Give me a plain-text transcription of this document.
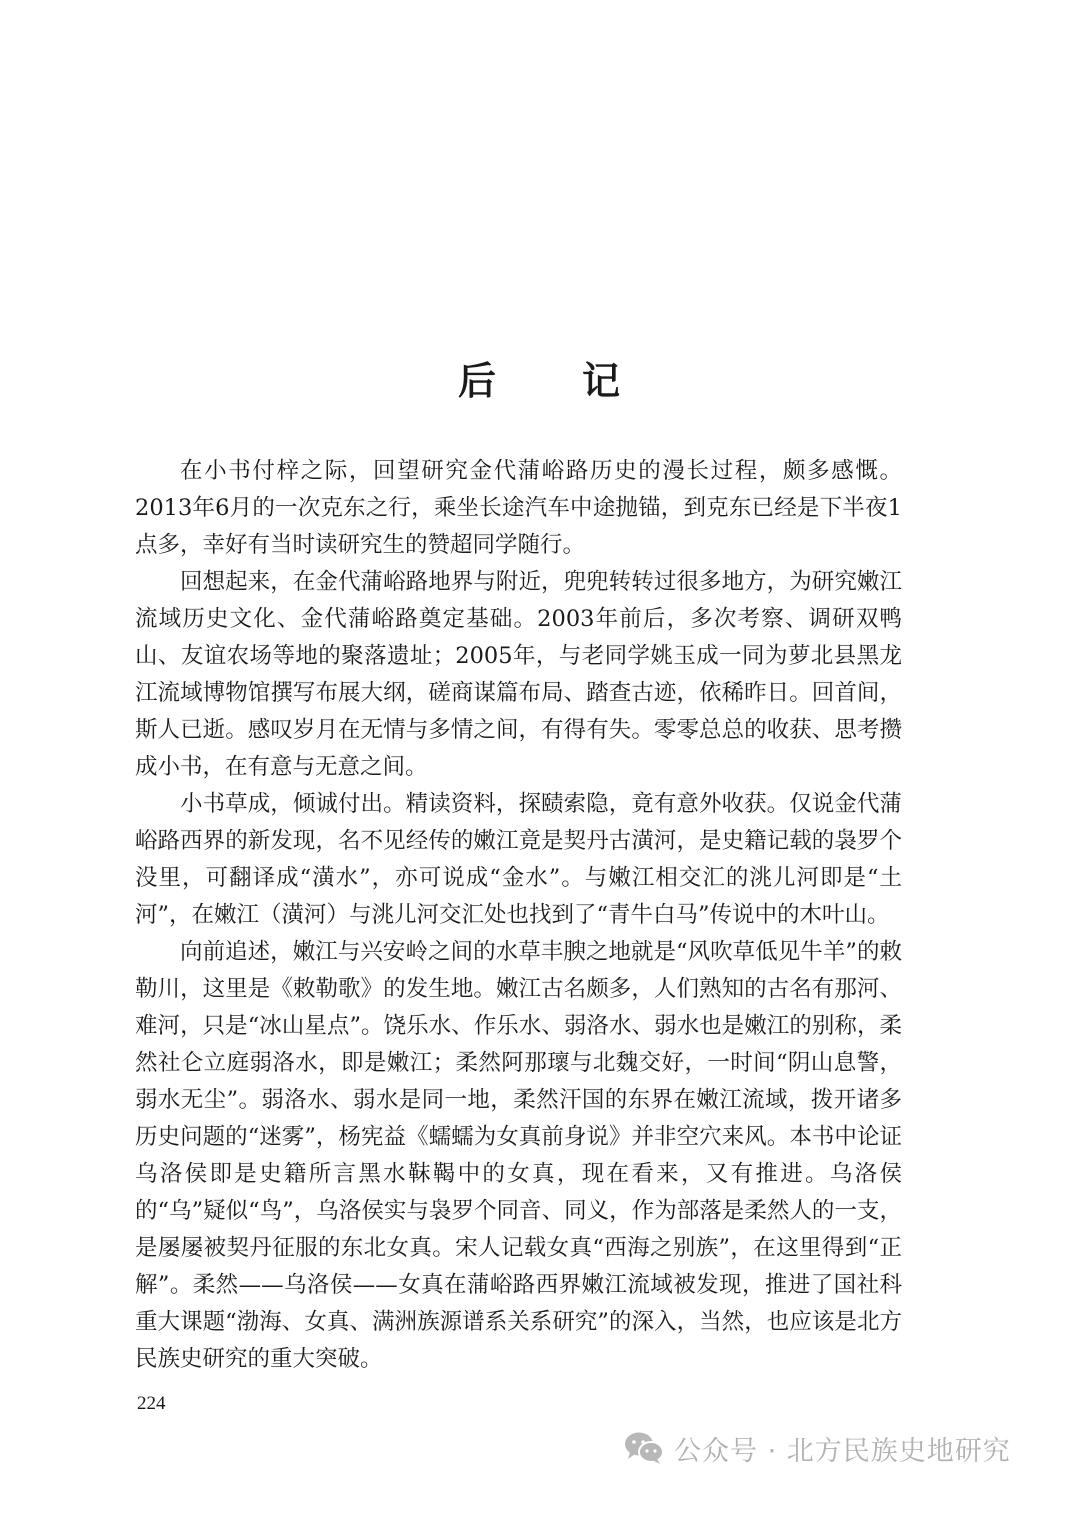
后 记

在小书付梓之际，回望研究金代蒲峪路历史的漫长过程，颇多感慨。2013年6月的一次克东之行，乘坐长途汽车中途抛锚，到克东已经是下半夜1点多，幸好有当时读研究生的赞超同学随行。

回想起来，在金代蒲峪路地界与附近，兜兜转转过很多地方，为研究嫩江流域历史文化、金代蒲峪路奠定基础。2003年前后，多次考察、调研双鸭山、友谊农场等地的聚落遗址；2005年，与老同学姚玉成一同为萝北县黑龙江流域博物馆撰写布展大纲，磋商谋篇布局、踏查古迹，依稀昨日。回首间，斯人已逝。感叹岁月在无情与多情之间，有得有失。零零总总的收获、思考攒成小书，在有意与无意之间。

小书草成，倾诚付出。精读资料，探赜索隐，竟有意外收获。仅说金代蒲峪路西界的新发现，名不见经传的嫩江竟是契丹古潢河，是史籍记载的袅罗个没里，可翻译成“潢水”，亦可说成“金水”。与嫩江相交汇的洮儿河即是“土河”，在嫩江（潢河）与洮儿河交汇处也找到了“青牛白马”传说中的木叶山。

向前追述，嫩江与兴安岭之间的水草丰腴之地就是“风吹草低见牛羊”的敕勒川，这里是《敕勒歌》的发生地。嫩江古名颇多，人们熟知的古名有那河、难河，只是“冰山星点”。饶乐水、作乐水、弱洛水、弱水也是嫩江的别称，柔然社仑立庭弱洛水，即是嫩江；柔然阿那瓌与北魏交好，一时间“阴山息警，弱水无尘”。弱洛水、弱水是同一地，柔然汗国的东界在嫩江流域，拨开诸多历史问题的“迷雾”，杨宪益《蠕蠕为女真前身说》并非空穴来风。本书中论证乌洛侯即是史籍所言黑水靺鞨中的女真，现在看来，又有推进。乌洛侯的“乌”疑似“鸟”，乌洛侯实与袅罗个同音、同义，作为部落是柔然人的一支，是屡屡被契丹征服的东北女真。宋人记载女真“西海之别族”，在这里得到“正解”。柔然——乌洛侯——女真在蒲峪路西界嫩江流域被发现，推进了国社科重大课题“渤海、女真、满洲族源谱系关系研究”的深入，当然，也应该是北方民族史研究的重大突破。

224
公众号 · 北方民族史地研究
